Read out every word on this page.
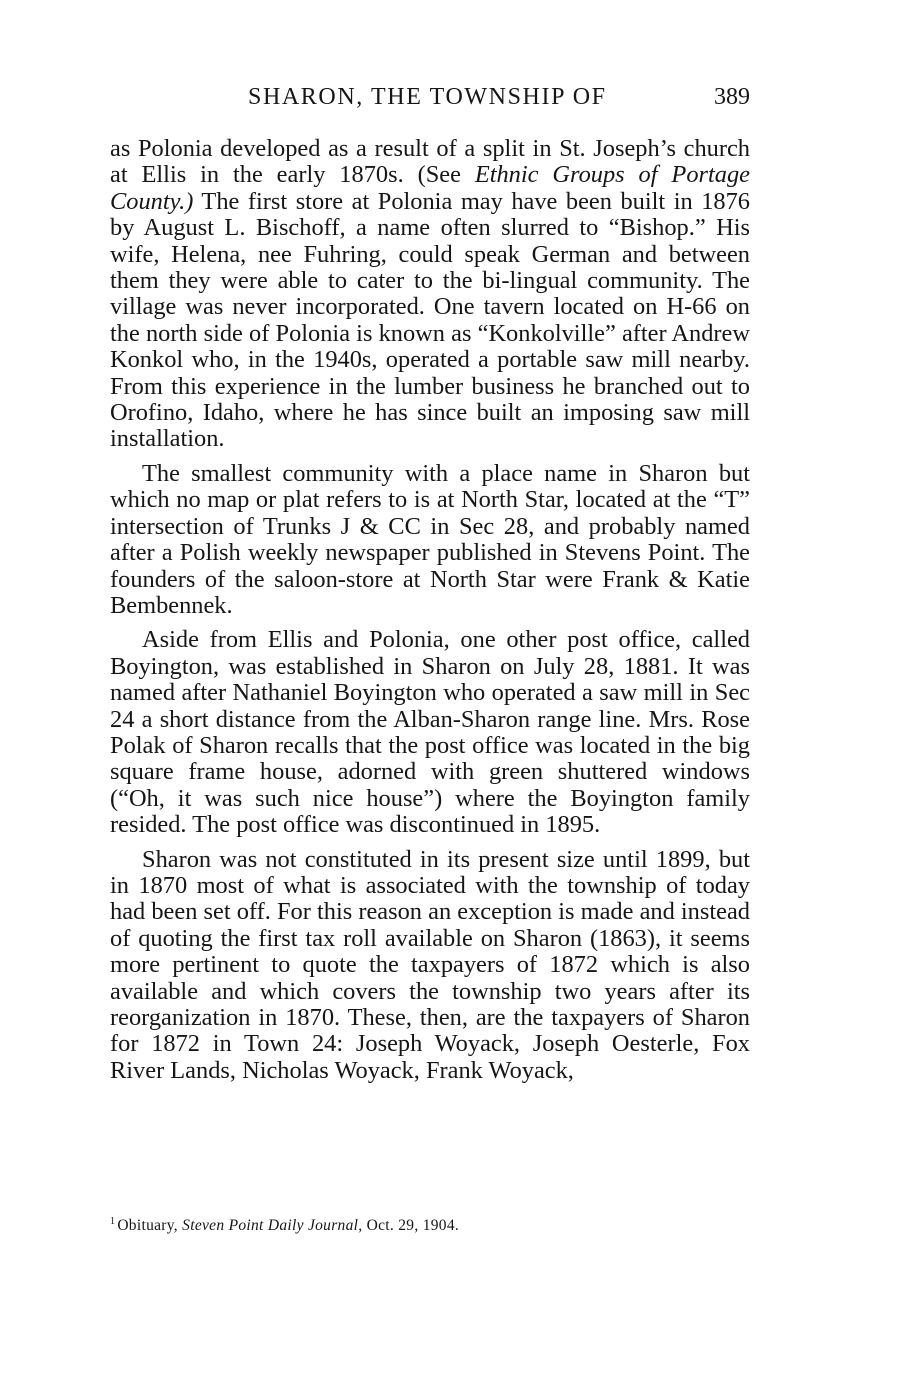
SHARON, THE TOWNSHIP OF	389

as Polonia developed as a result of a split in St. Joseph’s church at Ellis in the early 1870s. (See Ethnic Groups of Portage County.) The first store at Polonia may have been built in 1876 by August L. Bischoff, a name often slurred to “Bishop.” His wife, Helena, nee Fuhring, could speak German and between them they were able to cater to the bi-lingual community. The village was never incorporated. One tavern located on H-66 on the north side of Polonia is known as “Konkolville” after Andrew Konkol who, in the 1940s, operated a portable saw mill nearby. From this experience in the lumber business he branched out to Orofino, Idaho, where he has since built an imposing saw mill installation.

The smallest community with a place name in Sharon but which no map or plat refers to is at North Star, located at the “T” intersection of Trunks J & CC in Sec 28, and probably named after a Polish weekly newspaper published in Stevens Point. The founders of the saloon-store at North Star were Frank & Katie Bembennek.

Aside from Ellis and Polonia, one other post office, called Boyington, was established in Sharon on July 28, 1881. It was named after Nathaniel Boyington who operated a saw mill in Sec 24 a short distance from the Alban-Sharon range line. Mrs. Rose Polak of Sharon recalls that the post office was located in the big square frame house, adorned with green shuttered windows (“Oh, it was such nice house”) where the Boyington family resided. The post office was discontinued in 1895.

Sharon was not constituted in its present size until 1899, but in 1870 most of what is associated with the township of today had been set off. For this reason an exception is made and instead of quoting the first tax roll available on Sharon (1863), it seems more pertinent to quote the taxpayers of 1872 which is also available and which covers the township two years after its reorganization in 1870. These, then, are the taxpayers of Sharon for 1872 in Town 24: Joseph Woyack, Joseph Oesterle, Fox River Lands, Nicholas Woyack, Frank Woyack,

$^1$ Obituary, Steven Point Daily Journal, Oct. 29, 1904.
